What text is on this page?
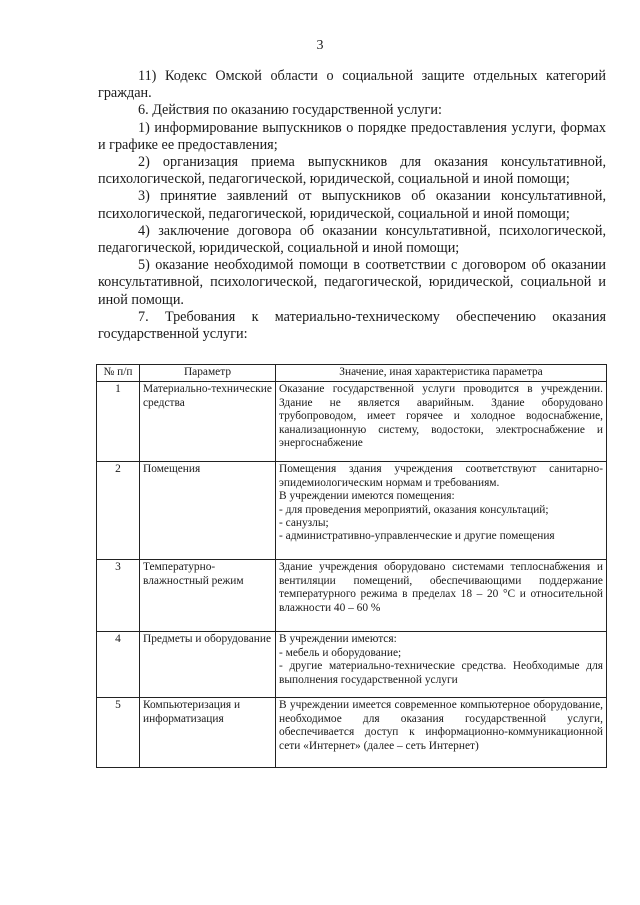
3

11) Кодекс Омской области о социальной защите отдельных категорий граждан.

6. Действия по оказанию государственной услуги:

1) информирование выпускников о порядке предоставления услуги, формах и графике ее предоставления;

2) организация приема выпускников для оказания консультативной, психологической, педагогической, юридической, социальной и иной помощи;

3) принятие заявлений от выпускников об оказании консультативной, психологической, педагогической, юридической, социальной и иной помощи;

4) заключение договора об оказании консультативной, психологической, педагогической, юридической, социальной и иной помощи;

5) оказание необходимой помощи в соответствии с договором об оказании консультативной, психологической, педагогической, юридической, социальной и иной помощи.

7. Требования к материально-техническому обеспечению оказания государственной услуги:

№ п/п	Параметр	Значение, иная характеристика параметра
1	Материально-технические средства	Оказание государственной услуги проводится в учреждении. Здание не является аварийным. Здание оборудовано трубопроводом, имеет горячее и холодное водоснабжение, канализационную систему, водостоки, электроснабжение и энергоснабжение

2	Помещения	Помещения здания учреждения соответствуют санитарно-эпидемиологическим нормам и требованиям.
В учреждении имеются помещения:
- для проведения мероприятий, оказания консультаций;
- санузлы;
- административно-управленческие и другие помещения

3	Температурно-влажностный режим	Здание учреждения оборудовано системами теплоснабжения и вентиляции помещений, обеспечивающими поддержание температурного режима в пределах 18 – 20 °С и относительной влажности 40 – 60 %

4	Предметы и оборудование	В учреждении имеются:
- мебель и оборудование;
- другие материально-технические средства. Необходимые для выполнения государственной услуги

5	Компьютеризация и информатизация	В учреждении имеется современное компьютерное оборудование, необходимое для оказания государственной услуги, обеспечивается доступ к информационно-коммуникационной сети «Интернет» (далее – сеть Интернет)
